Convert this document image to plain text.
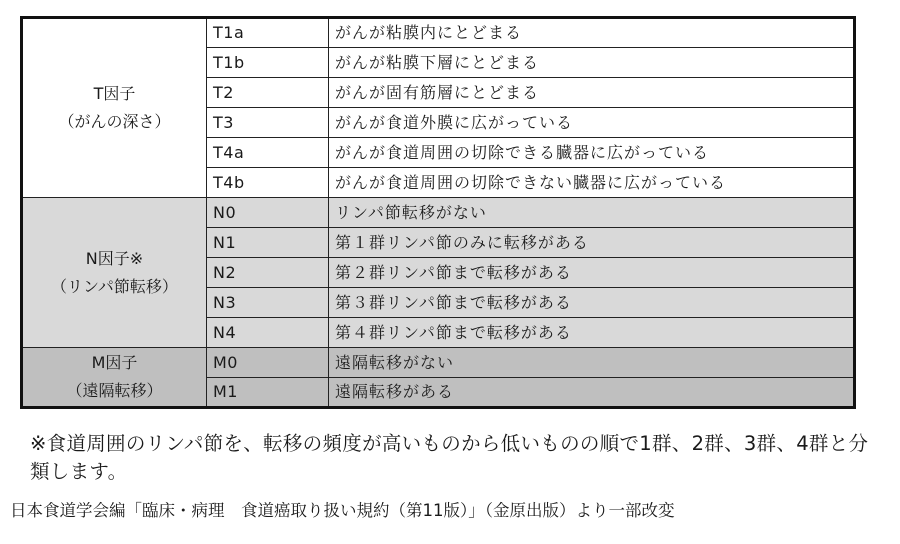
T因子
（がんの深さ）	T1a	がんが粘膜内にとどまる
	T1b	がんが粘膜下層にとどまる
	T2	がんが固有筋層にとどまる
	T3	がんが食道外膜に広がっている
	T4a	がんが食道周囲の切除できる臓器に広がっている
	T4b	がんが食道周囲の切除できない臓器に広がっている

N因子※
（リンパ節転移）	N0	リンパ節転移がない
	N1	第１群リンパ節のみに転移がある
	N2	第２群リンパ節まで転移がある
	N3	第３群リンパ節まで転移がある
	N4	第４群リンパ節まで転移がある

M因子
（遠隔転移）	M0	遠隔転移がない
	M1	遠隔転移がある
※食道周囲のリンパ節を、転移の頻度が高いものから低いものの順で1群、2群、3群、4群と分類します。
日本食道学会編「臨床・病理　食道癌取り扱い規約（第11版）」（金原出版）より一部改変
